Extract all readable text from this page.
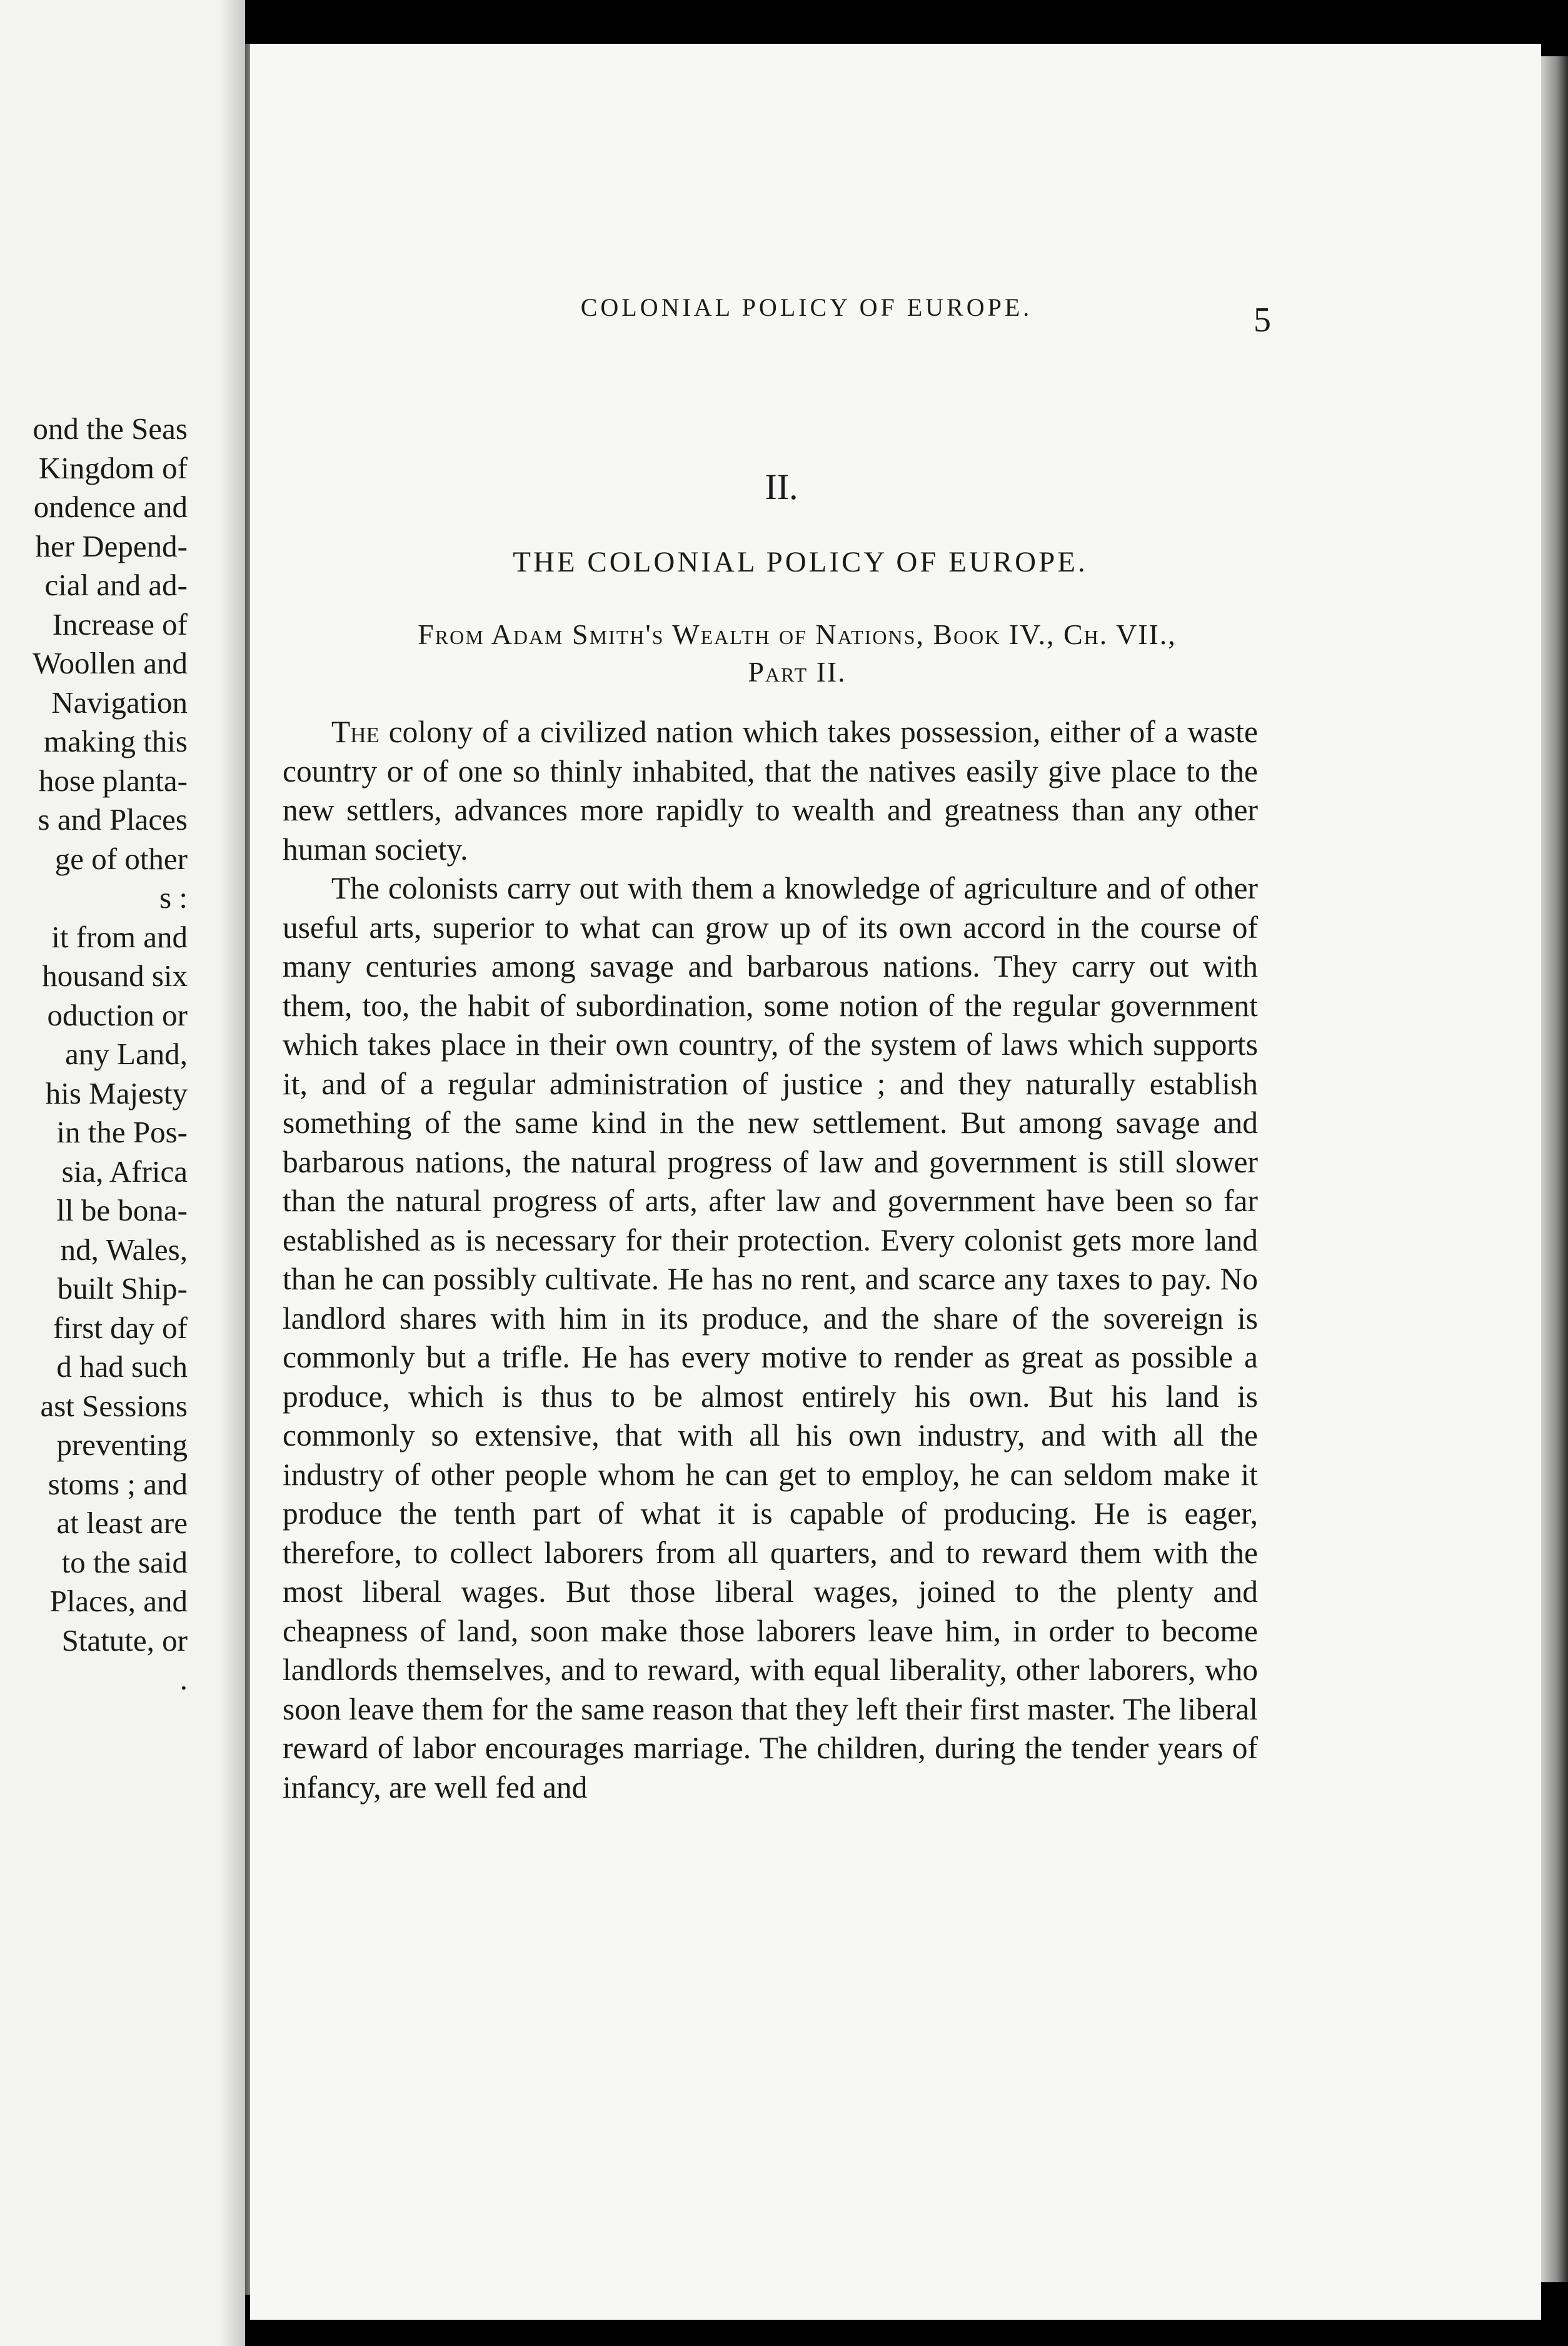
ond the Seas
Kingdom of
ondence and
her Depend-
cial and ad-
Increase of
Woollen and
Navigation
making this
hose planta-
s and Places
ge of other
s :
it from and
housand six
oduction or
any Land,
his Majesty
in the Pos-
sia, Africa
ll be bona-
nd, Wales,
built Ship-
first day of
d had such
ast Sessions
preventing
stoms ; and
at least are
to the said
Places, and
Statute, or
.
COLONIAL POLICY OF EUROPE.	5
II.
THE COLONIAL POLICY OF EUROPE.
From Adam Smith's Wealth of Nations, Book IV., Ch. VII.,
Part II.

The colony of a civilized nation which takes possession, either of a waste country or of one so thinly inhabited, that the natives easily give place to the new settlers, advances more rapidly to wealth and greatness than any other human society.

The colonists carry out with them a knowledge of agriculture and of other useful arts, superior to what can grow up of its own accord in the course of many centuries among savage and barbarous nations. They carry out with them, too, the habit of subordination, some notion of the regular government which takes place in their own country, of the system of laws which supports it, and of a regular administration of justice ; and they naturally establish something of the same kind in the new settlement. But among savage and barbarous nations, the natural progress of law and government is still slower than the natural progress of arts, after law and government have been so far established as is necessary for their protection. Every colonist gets more land than he can possibly cultivate. He has no rent, and scarce any taxes to pay. No landlord shares with him in its produce, and the share of the sovereign is commonly but a trifle. He has every motive to render as great as possible a produce, which is thus to be almost entirely his own. But his land is commonly so extensive, that with all his own industry, and with all the industry of other people whom he can get to employ, he can seldom make it produce the tenth part of what it is capable of producing. He is eager, therefore, to collect laborers from all quarters, and to reward them with the most liberal wages. But those liberal wages, joined to the plenty and cheapness of land, soon make those laborers leave him, in order to become landlords themselves, and to reward, with equal liberality, other laborers, who soon leave them for the same reason that they left their first master. The liberal reward of labor encourages marriage. The children, during the tender years of infancy, are well fed and
